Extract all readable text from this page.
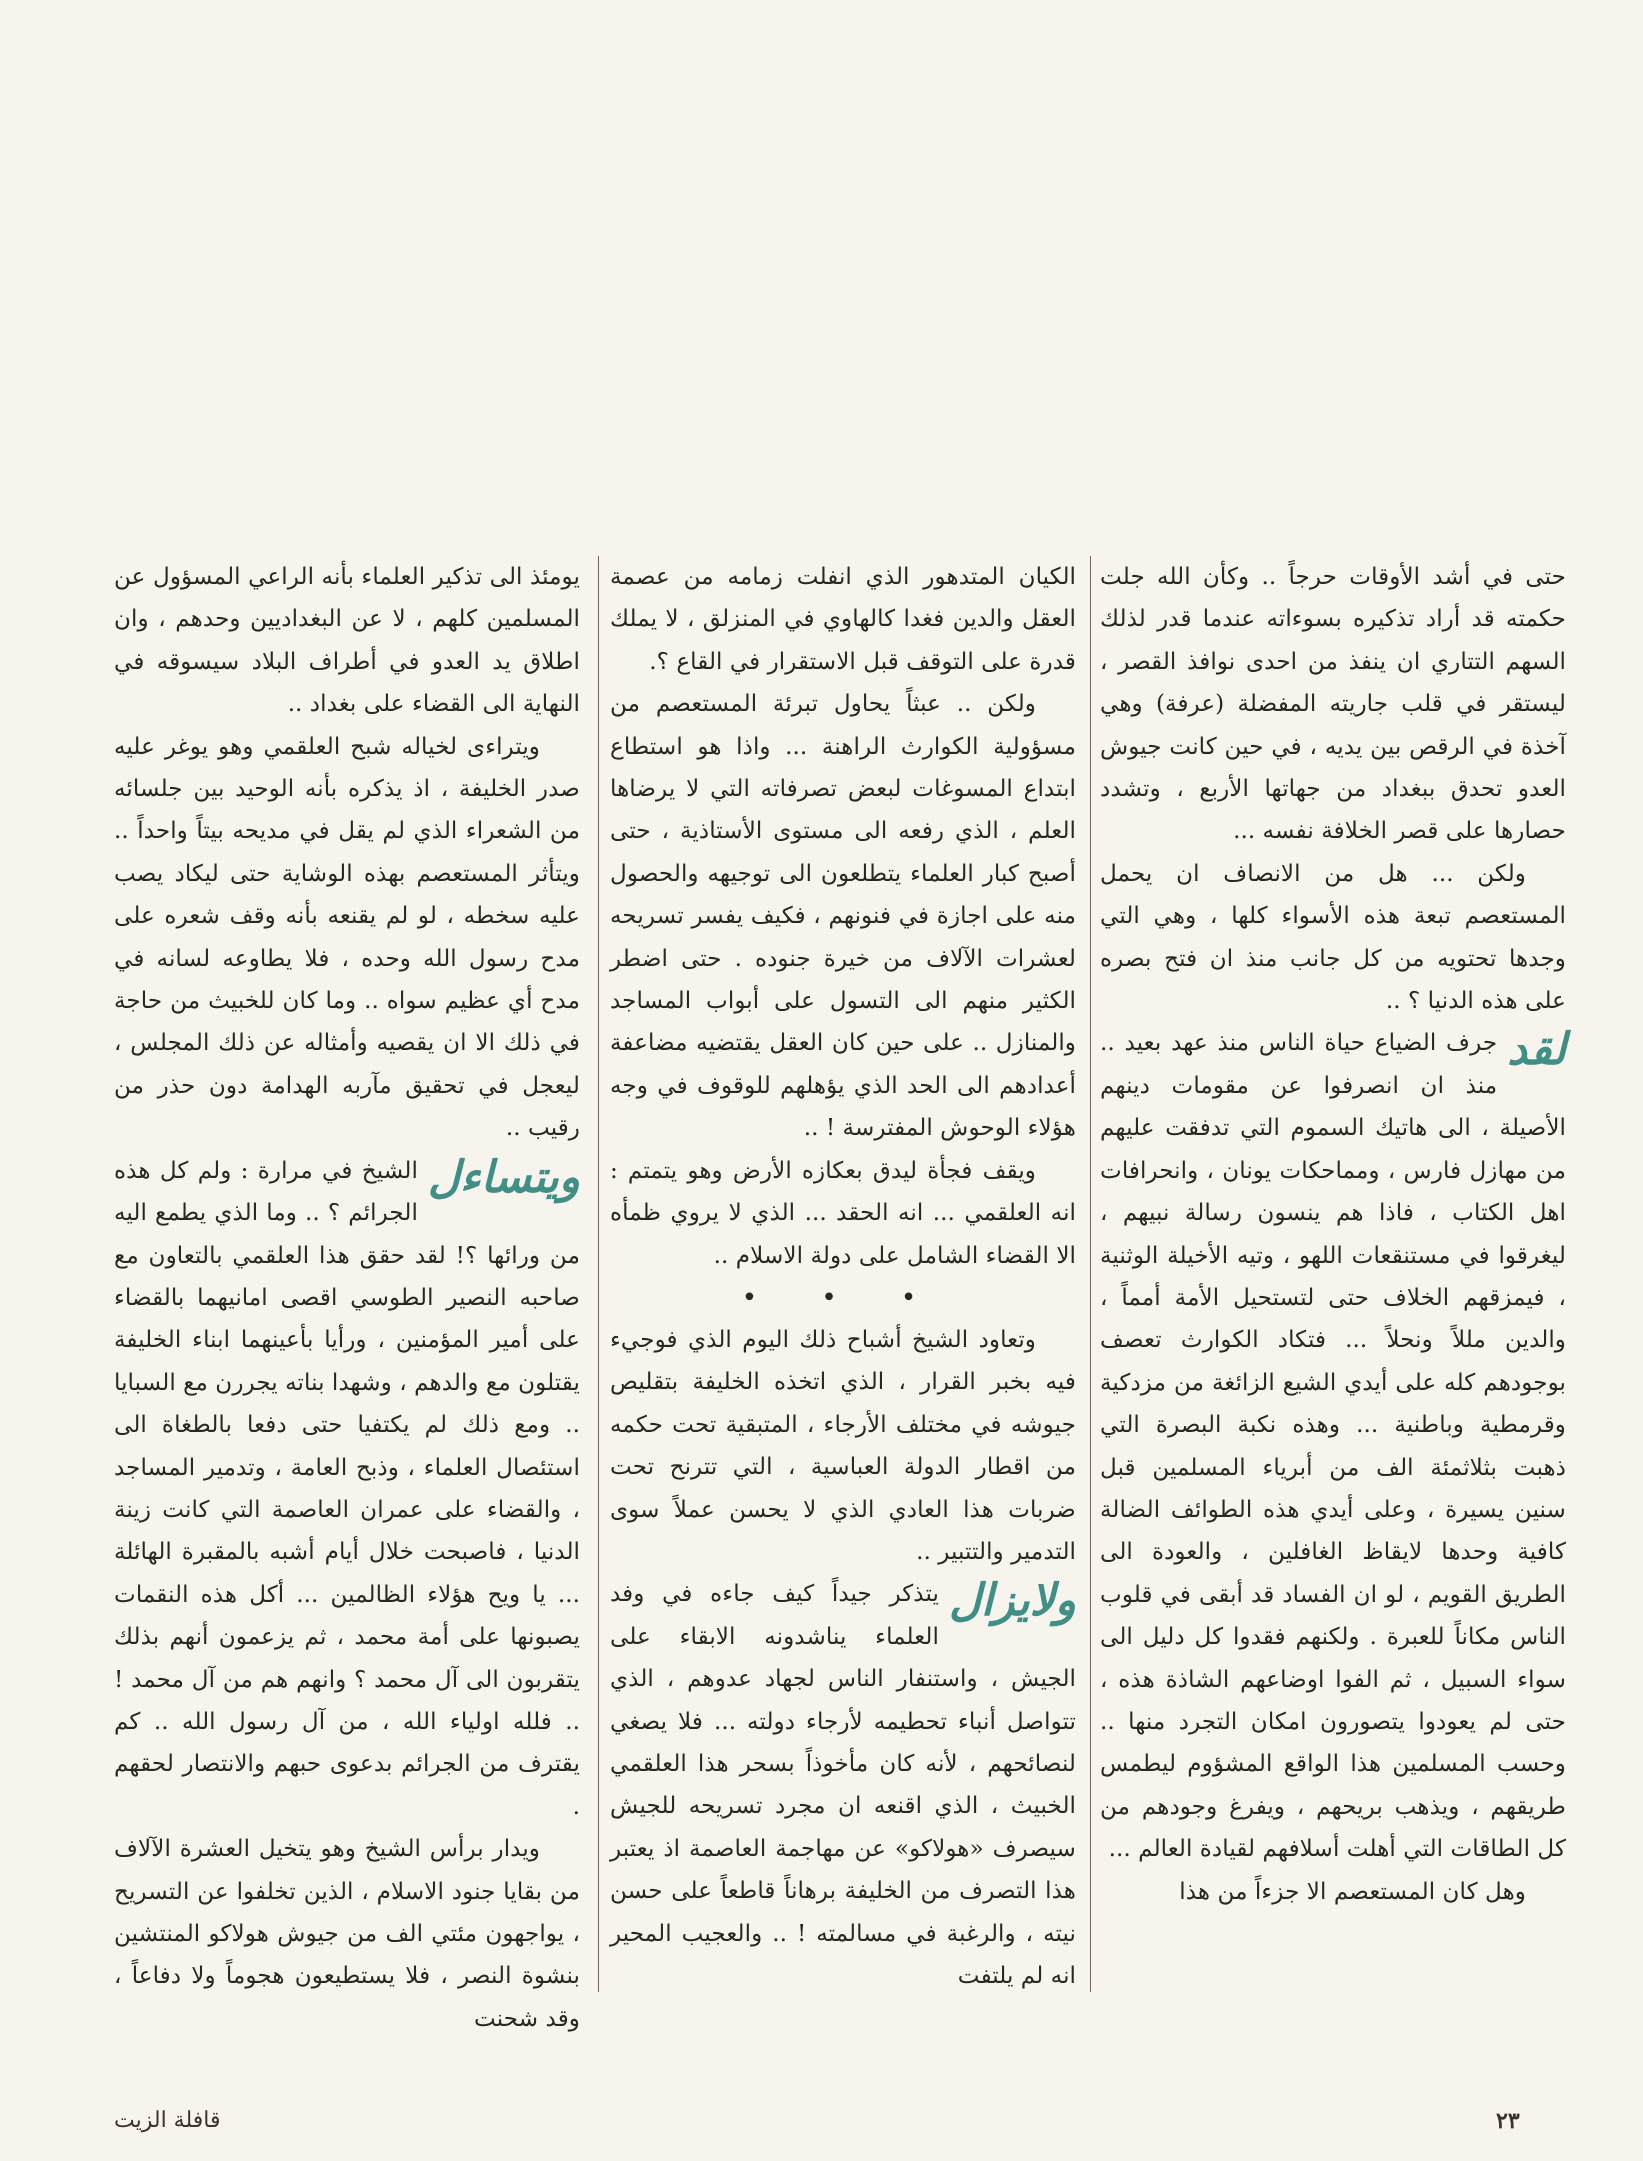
حتى في أشد الأوقات حرجاً .. وكأن الله جلت حكمته قد أراد تذكيره بسوءاته عندما قدر لذلك السهم التتاري ان ينفذ من احدى نوافذ القصر ، ليستقر في قلب جاريته المفضلة (عرفة) وهي آخذة في الرقص بين يديه ، في حين كانت جيوش العدو تحدق ببغداد من جهاتها الأربع ، وتشدد حصارها على قصر الخلافة نفسه ...

ولكن ... هل من الانصاف ان يحمل المستعصم تبعة هذه الأسواء كلها ، وهي التي وجدها تحتويه من كل جانب منذ ان فتح بصره على هذه الدنيا ؟ ..

لقد
جرف الضياع حياة الناس منذ عهد بعيد .. منذ ان انصرفوا عن مقومات دينهم الأصيلة ، الى هاتيك السموم التي تدفقت عليهم من مهازل فارس ، ومماحكات يونان ، وانحرافات اهل الكتاب ، فاذا هم ينسون رسالة نبيهم ، ليغرقوا في مستنقعات اللهو ، وتيه الأخيلة الوثنية ، فيمزقهم الخلاف حتى لتستحيل الأمة أمماً ، والدين مللاً ونحلاً ... فتكاد الكوارث تعصف بوجودهم كله على أيدي الشيع الزائغة من مزدكية وقرمطية وباطنية ... وهذه نكبة البصرة التي ذهبت بثلاثمئة الف من أبرياء المسلمين قبل سنين يسيرة ، وعلى أيدي هذه الطوائف الضالة كافية وحدها لايقاظ الغافلين ، والعودة الى الطريق القويم ، لو ان الفساد قد أبقى في قلوب الناس مكاناً للعبرة . ولكنهم فقدوا كل دليل الى سواء السبيل ، ثم الفوا اوضاعهم الشاذة هذه ، حتى لم يعودوا يتصورون امكان التجرد منها .. وحسب المسلمين هذا الواقع المشؤوم ليطمس طريقهم ، ويذهب بريحهم ، ويفرغ وجودهم من كل الطاقات التي أهلت أسلافهم لقيادة العالم ...

وهل كان المستعصم الا جزءاً من هذا

الكيان المتدهور الذي انفلت زمامه من عصمة العقل والدين فغدا كالهاوي في المنزلق ، لا يملك قدرة على التوقف قبل الاستقرار في القاع ؟.

ولكن .. عبثاً يحاول تبرئة المستعصم من مسؤولية الكوارث الراهنة ... واذا هو استطاع ابتداع المسوغات لبعض تصرفاته التي لا يرضاها العلم ، الذي رفعه الى مستوى الأستاذية ، حتى أصبح كبار العلماء يتطلعون الى توجيهه والحصول منه على اجازة في فنونهم ، فكيف يفسر تسريحه لعشرات الآلاف من خيرة جنوده . حتى اضطر الكثير منهم الى التسول على أبواب المساجد والمنازل .. على حين كان العقل يقتضيه مضاعفة أعدادهم الى الحد الذي يؤهلهم للوقوف في وجه هؤلاء الوحوش المفترسة ! ..

ويقف فجأة ليدق بعكازه الأرض وهو يتمتم : انه العلقمي ... انه الحقد ... الذي لا يروي ظمأه الا القضاء الشامل على دولة الاسلام ..

• • •

وتعاود الشيخ أشباح ذلك اليوم الذي فوجيء فيه بخبر القرار ، الذي اتخذه الخليفة بتقليص جيوشه في مختلف الأرجاء ، المتبقية تحت حكمه من اقطار الدولة العباسية ، التي تترنح تحت ضربات هذا العادي الذي لا يحسن عملاً سوى التدمير والتتبير ..

ولايزال
يتذكر جيداً كيف جاءه في وفد العلماء يناشدونه الابقاء على الجيش ، واستنفار الناس لجهاد عدوهم ، الذي تتواصل أنباء تحطيمه لأرجاء دولته ... فلا يصغي لنصائحهم ، لأنه كان مأخوذاً بسحر هذا العلقمي الخبيث ، الذي اقنعه ان مجرد تسريحه للجيش سيصرف «هولاكو» عن مهاجمة العاصمة اذ يعتبر هذا التصرف من الخليفة برهاناً قاطعاً على حسن نيته ، والرغبة في مسالمته ! .. والعجيب المحير انه لم يلتفت

يومئذ الى تذكير العلماء بأنه الراعي المسؤول عن المسلمين كلهم ، لا عن البغداديين وحدهم ، وان اطلاق يد العدو في أطراف البلاد سيسوقه في النهاية الى القضاء على بغداد ..

ويتراءى لخياله شبح العلقمي وهو يوغر عليه صدر الخليفة ، اذ يذكره بأنه الوحيد بين جلسائه من الشعراء الذي لم يقل في مديحه بيتاً واحداً .. ويتأثر المستعصم بهذه الوشاية حتى ليكاد يصب عليه سخطه ، لو لم يقنعه بأنه وقف شعره على مدح رسول الله وحده ، فلا يطاوعه لسانه في مدح أي عظيم سواه .. وما كان للخبيث من حاجة في ذلك الا ان يقصيه وأمثاله عن ذلك المجلس ، ليعجل في تحقيق مآربه الهدامة دون حذر من رقيب ..

ويتساءل
الشيخ في مرارة : ولم كل هذه الجرائم ؟ .. وما الذي يطمع اليه من ورائها ؟! لقد حقق هذا العلقمي بالتعاون مع صاحبه النصير الطوسي اقصى امانيهما بالقضاء على أمير المؤمنين ، ورأيا بأعينهما ابناء الخليفة يقتلون مع والدهم ، وشهدا بناته يجررن مع السبايا .. ومع ذلك لم يكتفيا حتى دفعا بالطغاة الى استئصال العلماء ، وذبح العامة ، وتدمير المساجد ، والقضاء على عمران العاصمة التي كانت زينة الدنيا ، فاصبحت خلال أيام أشبه بالمقبرة الهائلة ... يا ويح هؤلاء الظالمين ... أكل هذه النقمات يصبونها على أمة محمد ، ثم يزعمون أنهم بذلك يتقربون الى آل محمد ؟ وانهم هم من آل محمد ! .. فلله اولياء الله ، من آل رسول الله .. كم يقترف من الجرائم بدعوى حبهم والانتصار لحقهم .

ويدار برأس الشيخ وهو يتخيل العشرة الآلاف من بقايا جنود الاسلام ، الذين تخلفوا عن التسريح ، يواجهون مئتي الف من جيوش هولاكو المنتشين بنشوة النصر ، فلا يستطيعون هجوماً ولا دفاعاً ، وقد شحنت

٢٣
قافلة الزيت
